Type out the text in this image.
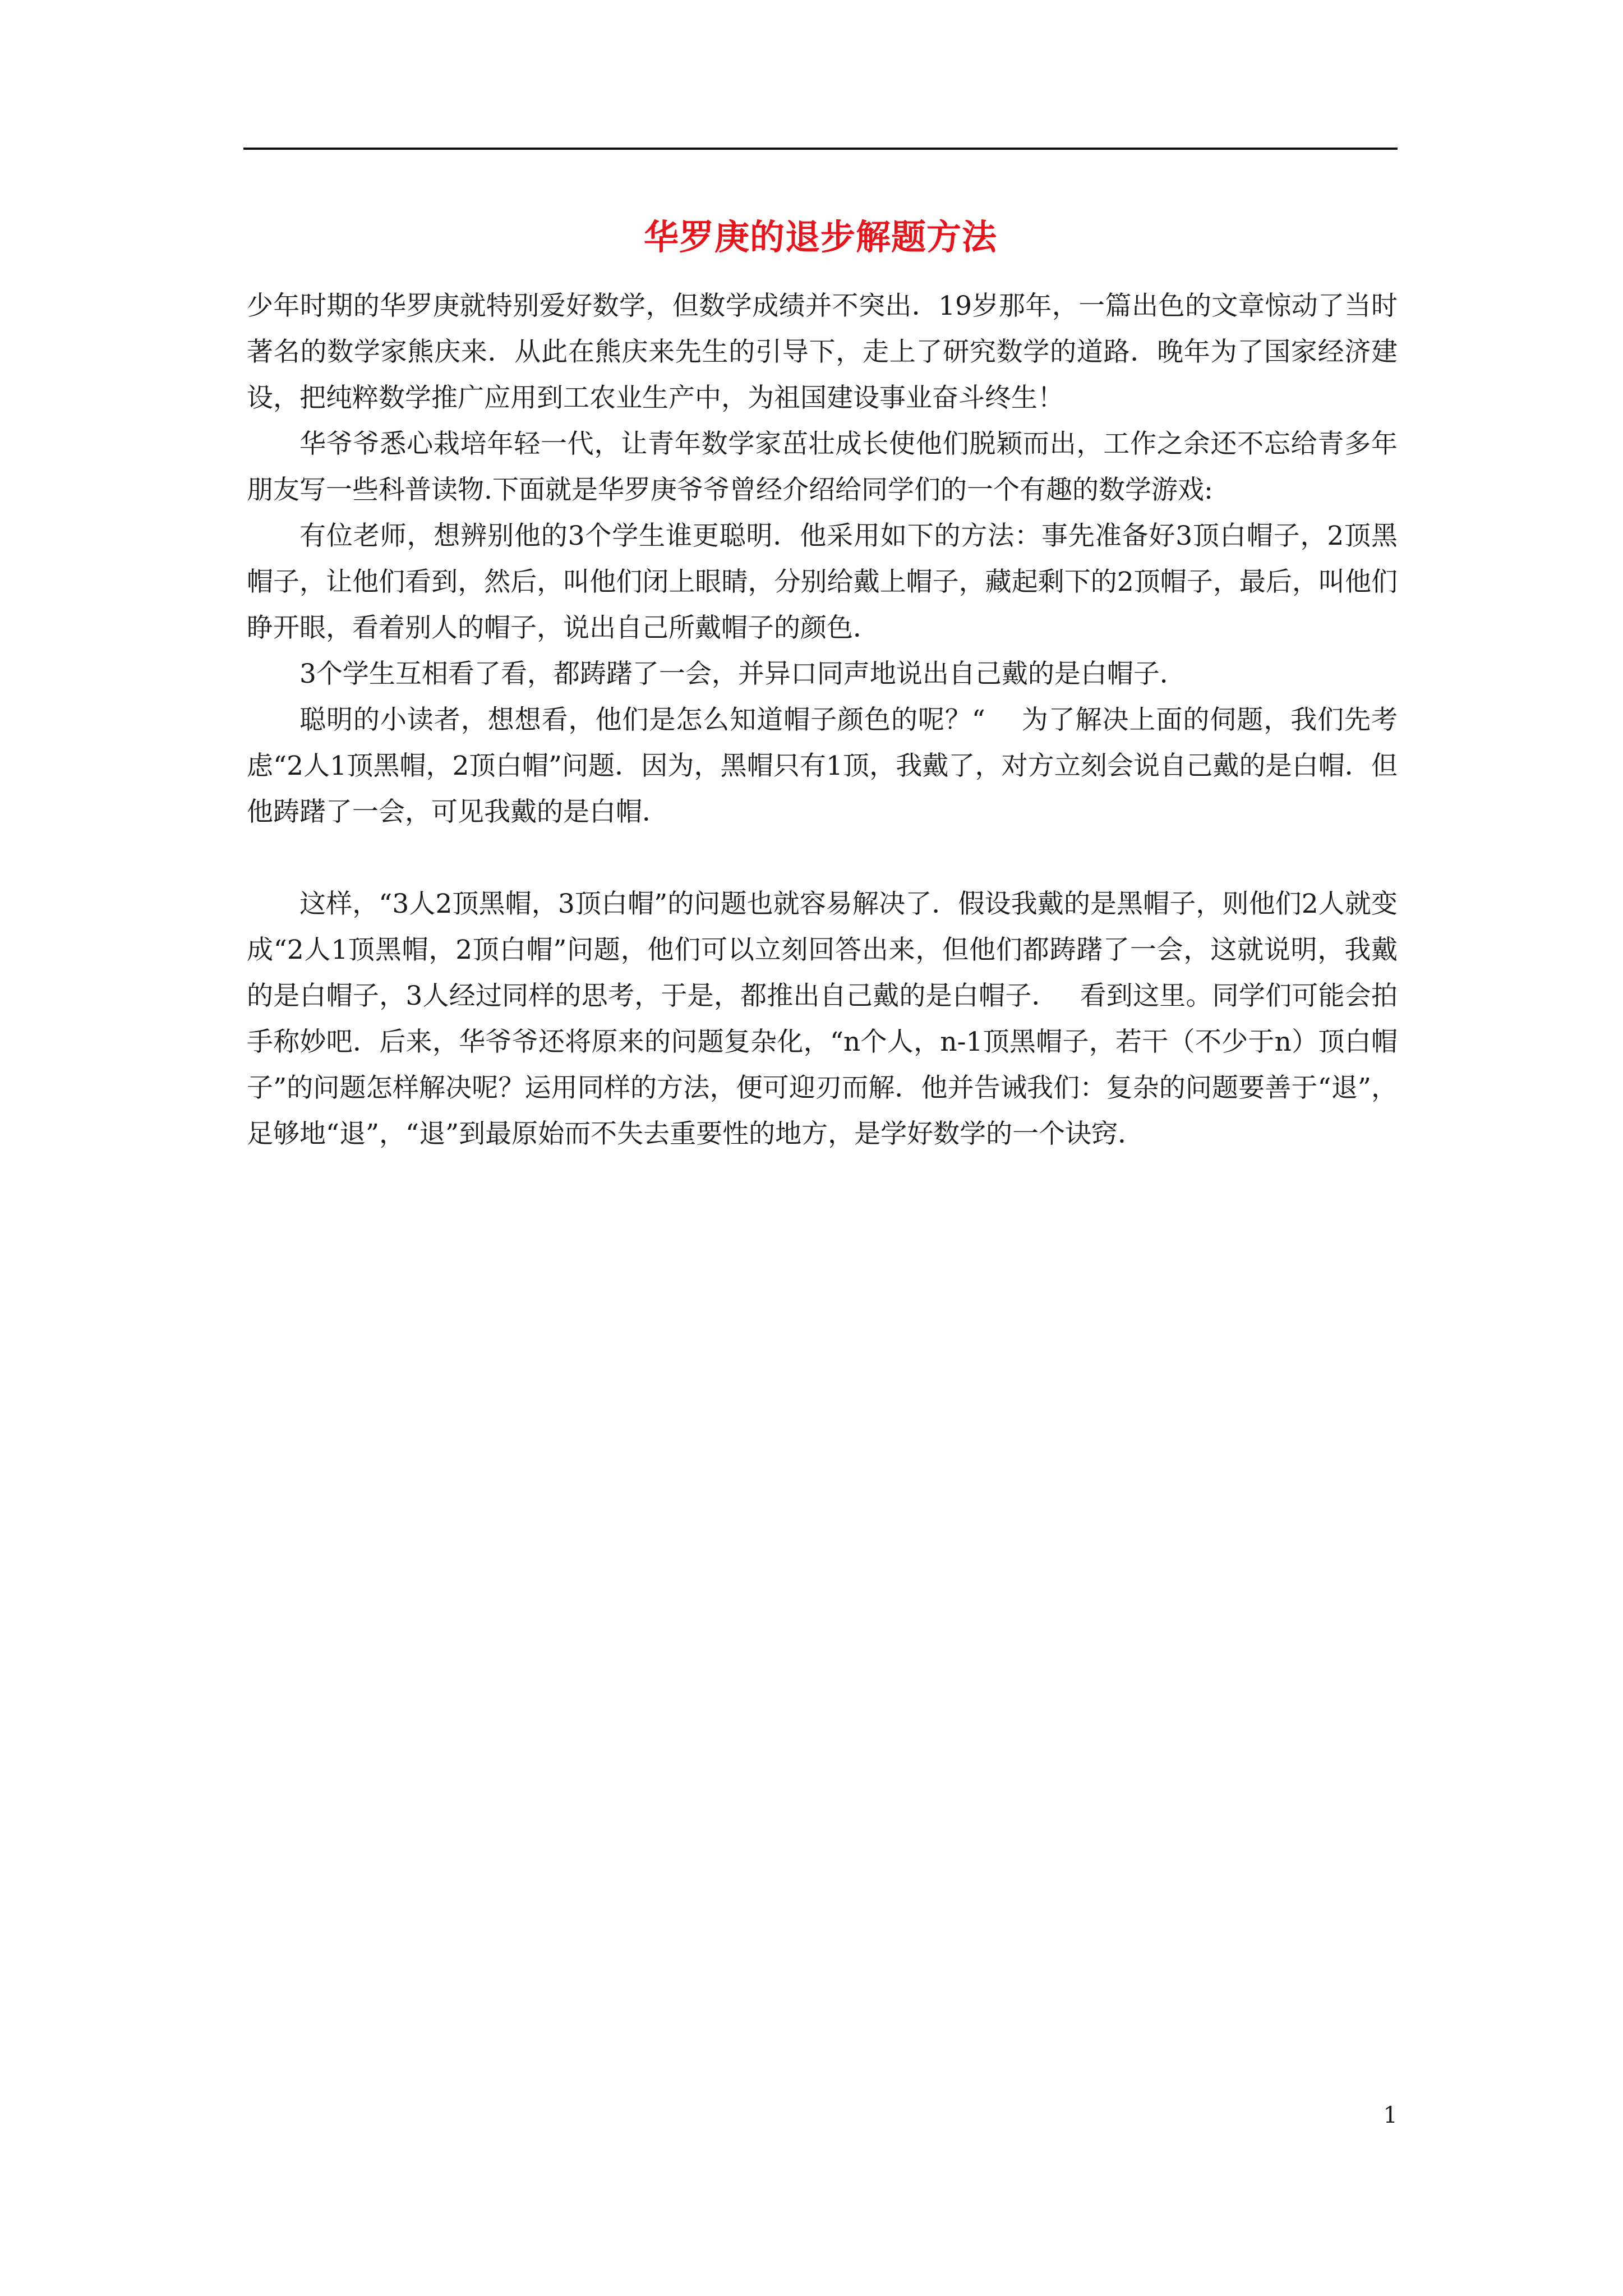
华罗庚的退步解题方法

少年时期的华罗庚就特别爱好数学，但数学成绩并不突出．19岁那年，一篇出色的文章惊动了当时著名的数学家熊庆来．从此在熊庆来先生的引导下，走上了研究数学的道路．晚年为了国家经济建设，把纯粹数学推广应用到工农业生产中，为祖国建设事业奋斗终生！

华爷爷悉心栽培年轻一代，让青年数学家茁壮成长使他们脱颖而出，工作之余还不忘给青多年朋友写一些科普读物.下面就是华罗庚爷爷曾经介绍给同学们的一个有趣的数学游戏:

有位老师，想辨别他的3个学生谁更聪明．他采用如下的方法：事先准备好3顶白帽子，2顶黑帽子，让他们看到，然后，叫他们闭上眼睛，分别给戴上帽子，藏起剩下的2顶帽子，最后，叫他们睁开眼，看着别人的帽子，说出自己所戴帽子的颜色．

3个学生互相看了看，都踌躇了一会，并异口同声地说出自己戴的是白帽子．

聪明的小读者，想想看，他们是怎么知道帽子颜色的呢？“　 为了解决上面的伺题，我们先考虑“2人1顶黑帽，2顶白帽”问题．因为，黑帽只有1顶，我戴了，对方立刻会说自己戴的是白帽．但他踌躇了一会，可见我戴的是白帽．

这样，“3人2顶黑帽，3顶白帽”的问题也就容易解决了．假设我戴的是黑帽子，则他们2人就变成“2人1顶黑帽，2顶白帽”问题，他们可以立刻回答出来，但他们都踌躇了一会，这就说明，我戴的是白帽子，3人经过同样的思考，于是，都推出自己戴的是白帽子．　 看到这里。同学们可能会拍手称妙吧．后来，华爷爷还将原来的问题复杂化，“n个人，n-1顶黑帽子，若干（不少于n）顶白帽子”的问题怎样解决呢？运用同样的方法，便可迎刃而解．他并告诫我们：复杂的问题要善于“退”，足够地“退”，“退”到最原始而不失去重要性的地方，是学好数学的一个诀窍．

1
